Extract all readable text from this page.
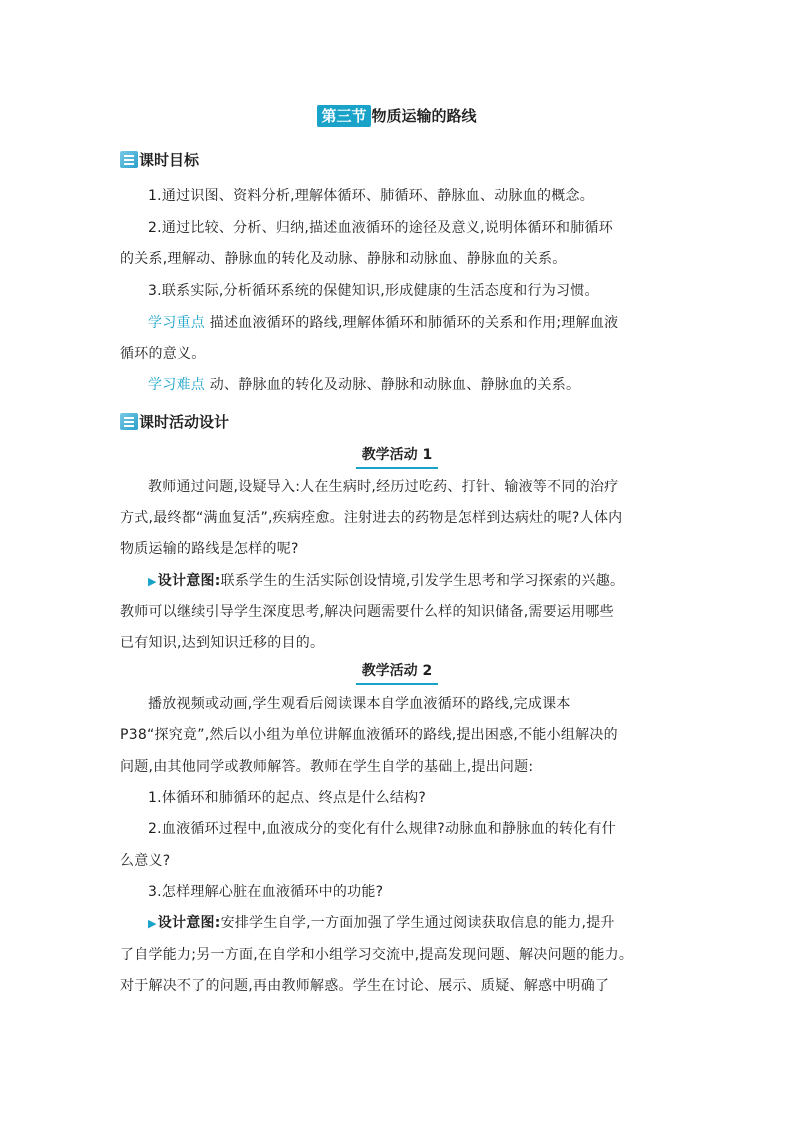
第三节 物质运输的路线
课时目标
1.通过识图、资料分析,理解体循环、肺循环、静脉血、动脉血的概念。
2.通过比较、分析、归纳,描述血液循环的途径及意义,说明体循环和肺循环
的关系,理解动、静脉血的转化及动脉、静脉和动脉血、静脉血的关系。
3.联系实际,分析循环系统的保健知识,形成健康的生活态度和行为习惯。
学习重点 描述血液循环的路线,理解体循环和肺循环的关系和作用;理解血液
循环的意义。
学习难点 动、静脉血的转化及动脉、静脉和动脉血、静脉血的关系。
课时活动设计
教学活动 1
教师通过问题,设疑导入:人在生病时,经历过吃药、打针、输液等不同的治疗
方式,最终都“满血复活”,疾病痊愈。注射进去的药物是怎样到达病灶的呢?人体内
物质运输的路线是怎样的呢?
▶设计意图:联系学生的生活实际创设情境,引发学生思考和学习探索的兴趣。
教师可以继续引导学生深度思考,解决问题需要什么样的知识储备,需要运用哪些
已有知识,达到知识迁移的目的。
教学活动 2
播放视频或动画,学生观看后阅读课本自学血液循环的路线,完成课本
P38“探究竟”,然后以小组为单位讲解血液循环的路线,提出困惑,不能小组解决的
问题,由其他同学或教师解答。教师在学生自学的基础上,提出问题:
1.体循环和肺循环的起点、终点是什么结构?
2.血液循环过程中,血液成分的变化有什么规律?动脉血和静脉血的转化有什
么意义?
3.怎样理解心脏在血液循环中的功能?
▶设计意图:安排学生自学,一方面加强了学生通过阅读获取信息的能力,提升
了自学能力;另一方面,在自学和小组学习交流中,提高发现问题、解决问题的能力。
对于解决不了的问题,再由教师解惑。学生在讨论、展示、质疑、解惑中明确了
